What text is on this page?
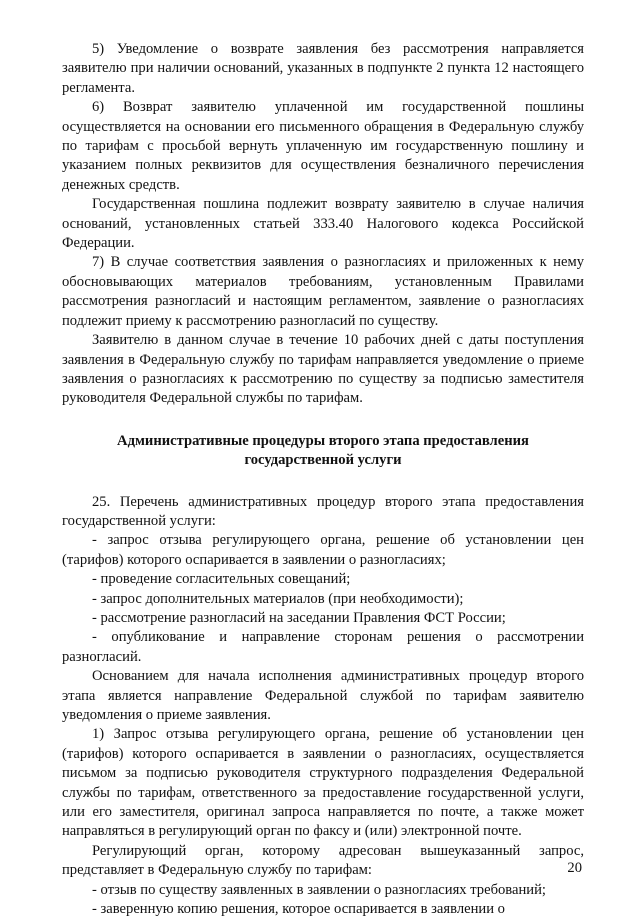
5) Уведомление о возврате заявления без рассмотрения направляется заявителю при наличии оснований, указанных в подпункте 2 пункта 12 настоящего регламента.

6) Возврат заявителю уплаченной им государственной пошлины осуществляется на основании его письменного обращения в Федеральную службу по тарифам с просьбой вернуть уплаченную им государственную пошлину и указанием полных реквизитов для осуществления безналичного перечисления денежных средств.

Государственная пошлина подлежит возврату заявителю в случае наличия оснований, установленных статьей 333.40 Налогового кодекса Российской Федерации.

7) В случае соответствия заявления о разногласиях и приложенных к нему обосновывающих материалов требованиям, установленным Правилами рассмотрения разногласий и настоящим регламентом, заявление о разногласиях подлежит приему к рассмотрению разногласий по существу.

Заявителю в данном случае в течение 10 рабочих дней с даты поступления заявления в Федеральную службу по тарифам направляется уведомление о приеме заявления о разногласиях к рассмотрению по существу за подписью заместителя руководителя Федеральной службы по тарифам.

Административные процедуры второго этапа предоставления
государственной услуги

25. Перечень административных процедур второго этапа предоставления государственной услуги:

- запрос отзыва регулирующего органа, решение об установлении цен (тарифов) которого оспаривается в заявлении о разногласиях;

- проведение согласительных совещаний;

- запрос дополнительных материалов (при необходимости);

- рассмотрение разногласий на заседании Правления ФСТ России;

- опубликование и направление сторонам решения о рассмотрении разногласий.

Основанием для начала исполнения административных процедур второго этапа является направление Федеральной службой по тарифам заявителю уведомления о приеме заявления.

1) Запрос отзыва регулирующего органа, решение об установлении цен (тарифов) которого оспаривается в заявлении о разногласиях, осуществляется письмом за подписью руководителя структурного подразделения Федеральной службы по тарифам, ответственного за предоставление государственной услуги, или его заместителя, оригинал запроса направляется по почте, а также может направляться в регулирующий орган по факсу и (или) электронной почте.

Регулирующий орган, которому адресован вышеуказанный запрос, представляет в Федеральную службу по тарифам:

- отзыв по существу заявленных в заявлении о разногласиях требований;

- заверенную копию решения, которое оспаривается в заявлении о

20
